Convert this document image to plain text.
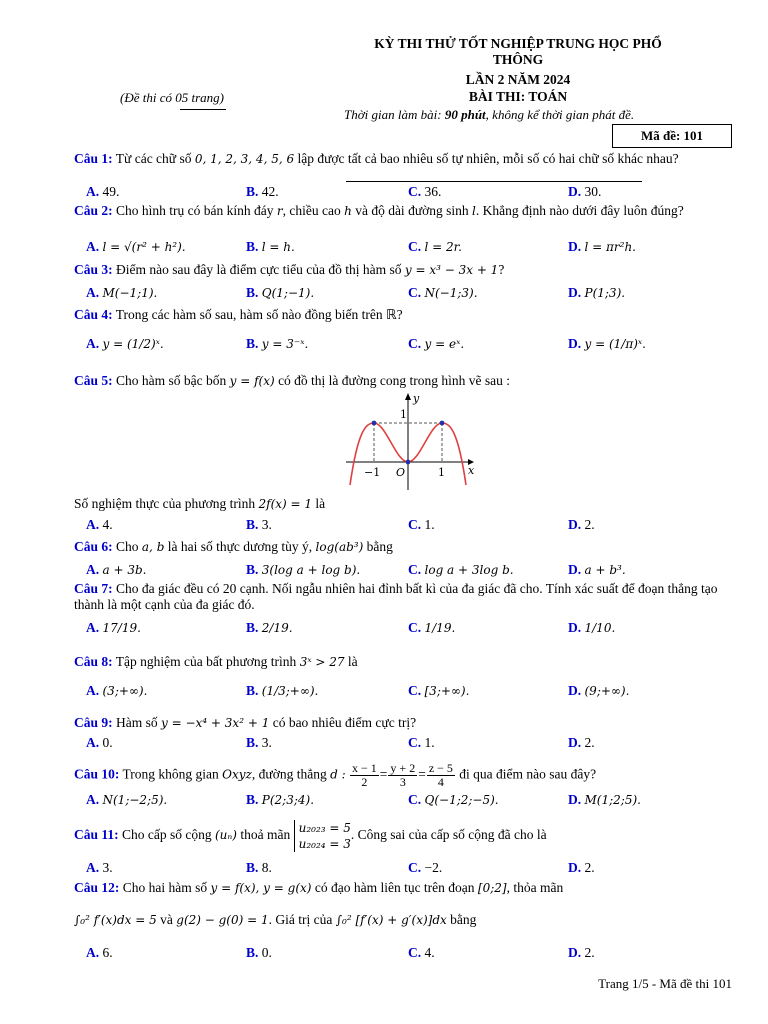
KỲ THI THỬ TỐT NGHIỆP TRUNG HỌC PHỔ
THÔNG
LẦN 2 NĂM 2024
BÀI THI: TOÁN
(Đề thi có 05 trang)
Thời gian làm bài: 90 phút, không kể thời gian phát đề.
Mã đề: 101
Câu 1: Từ các chữ số 0, 1, 2, 3, 4, 5, 6 lập được tất cả bao nhiêu số tự nhiên, mỗi số có hai chữ số khác nhau?
A. 49.	B. 42.	C. 36.	D. 30.
Câu 2: Cho hình trụ có bán kính đáy r, chiều cao h và độ dài đường sinh l. Khẳng định nào dưới đây luôn đúng?
A. l = √(r² + h²).	B. l = h.	C. l = 2r.	D. l = πr²h.
Câu 3: Điểm nào sau đây là điểm cực tiểu của đồ thị hàm số y = x³ − 3x + 1?
A. M(−1;1).	B. Q(1;−1).	C. N(−1;3).	D. P(1;3).
Câu 4: Trong các hàm số sau, hàm số nào đồng biến trên ℝ?
A. y = (1/2)ˣ.	B. y = 3⁻ˣ.	C. y = eˣ.	D. y = (1/π)ˣ.
Câu 5: Cho hàm số bậc bốn y = f(x) có đồ thị là đường cong trong hình vẽ sau :
y
x
O	1
−1
1
Số nghiệm thực của phương trình 2f(x) = 1 là
A. 4.	B. 3.	C. 1.	D. 2.
Câu 6: Cho a, b là hai số thực dương tùy ý, log(ab³) bằng
A. a + 3b.	B. 3(log a + log b).	C. log a + 3log b.	D. a + b³.
Câu 7: Cho đa giác đều có 20 cạnh. Nối ngẫu nhiên hai đỉnh bất kì của đa giác đã cho. Tính xác suất để đoạn thẳng tạo thành là một cạnh của đa giác đó.
A. 17/19.	B. 2/19.	C. 1/19.	D. 1/10.
Câu 8: Tập nghiệm của bất phương trình 3ˣ > 27 là
A. (3;+∞).	B. (1/3;+∞).	C. [3;+∞).	D. (9;+∞).
Câu 9: Hàm số y = −x⁴ + 3x² + 1 có bao nhiêu điểm cực trị?
A. 0.	B. 3.	C. 1.	D. 2.
Câu 10: Trong không gian Oxyz, đường thẳng d : $\frac{x - 1}{2} = \frac{y + 2}{3} = \frac{z - 5}{4}$ đi qua điểm nào sau đây?
A. N(1;−2;5).	B. P(2;3;4).	C. Q(−1;2;−5).	D. M(1;2;5).
Câu 11: Cho cấp số cộng (uₙ) thoả mãn u₂₀₂₃ = 5
u₂₀₂₄ = 3. Công sai của cấp số cộng đã cho là
A. 3.	B. 8.	C. −2.	D. 2.
Câu 12: Cho hai hàm số y = f(x), y = g(x) có đạo hàm liên tục trên đoạn [0;2], thỏa mãn
∫₀² f′(x)dx = 5 và g(2) − g(0) = 1. Giá trị của ∫₀² [f′(x) + g′(x)]dx bằng
A. 6.	B. 0.	C. 4.	D. 2.
Trang 1/5 - Mã đề thi 101
